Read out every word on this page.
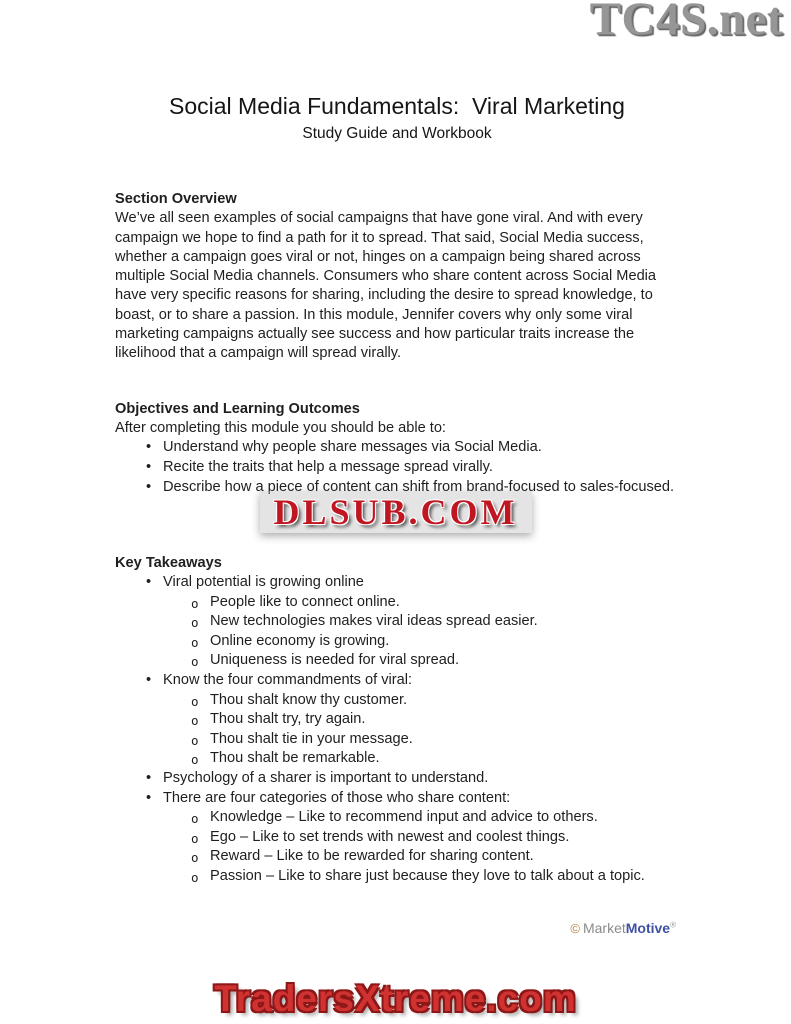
TC4S.net
Social Media Fundamentals:  Viral Marketing
Study Guide and Workbook
Section Overview
We’ve all seen examples of social campaigns that have gone viral. And with every campaign we hope to find a path for it to spread. That said, Social Media success, whether a campaign goes viral or not, hinges on a campaign being shared across multiple Social Media channels. Consumers who share content across Social Media have very specific reasons for sharing, including the desire to spread knowledge, to boast, or to share a passion. In this module, Jennifer covers why only some viral marketing campaigns actually see success and how particular traits increase the likelihood that a campaign will spread virally.
Objectives and Learning Outcomes
After completing this module you should be able to:
• Understand why people share messages via Social Media.
• Recite the traits that help a message spread virally.
• Describe how a piece of content can shift from brand-focused to sales-focused.
Key Takeaways
• Viral potential is growing online
o People like to connect online.
o New technologies makes viral ideas spread easier.
o Online economy is growing.
o Uniqueness is needed for viral spread.
• Know the four commandments of viral:
o Thou shalt know thy customer.
o Thou shalt try, try again.
o Thou shalt tie in your message.
o Thou shalt be remarkable.
• Psychology of a sharer is important to understand.
• There are four categories of those who share content:
o Knowledge – Like to recommend input and advice to others.
o Ego – Like to set trends with newest and coolest things.
o Reward – Like to be rewarded for sharing content.
o Passion – Like to share just because they love to talk about a topic.
DLSUB.COM
© MarketMotive®
TradersXtreme.com
